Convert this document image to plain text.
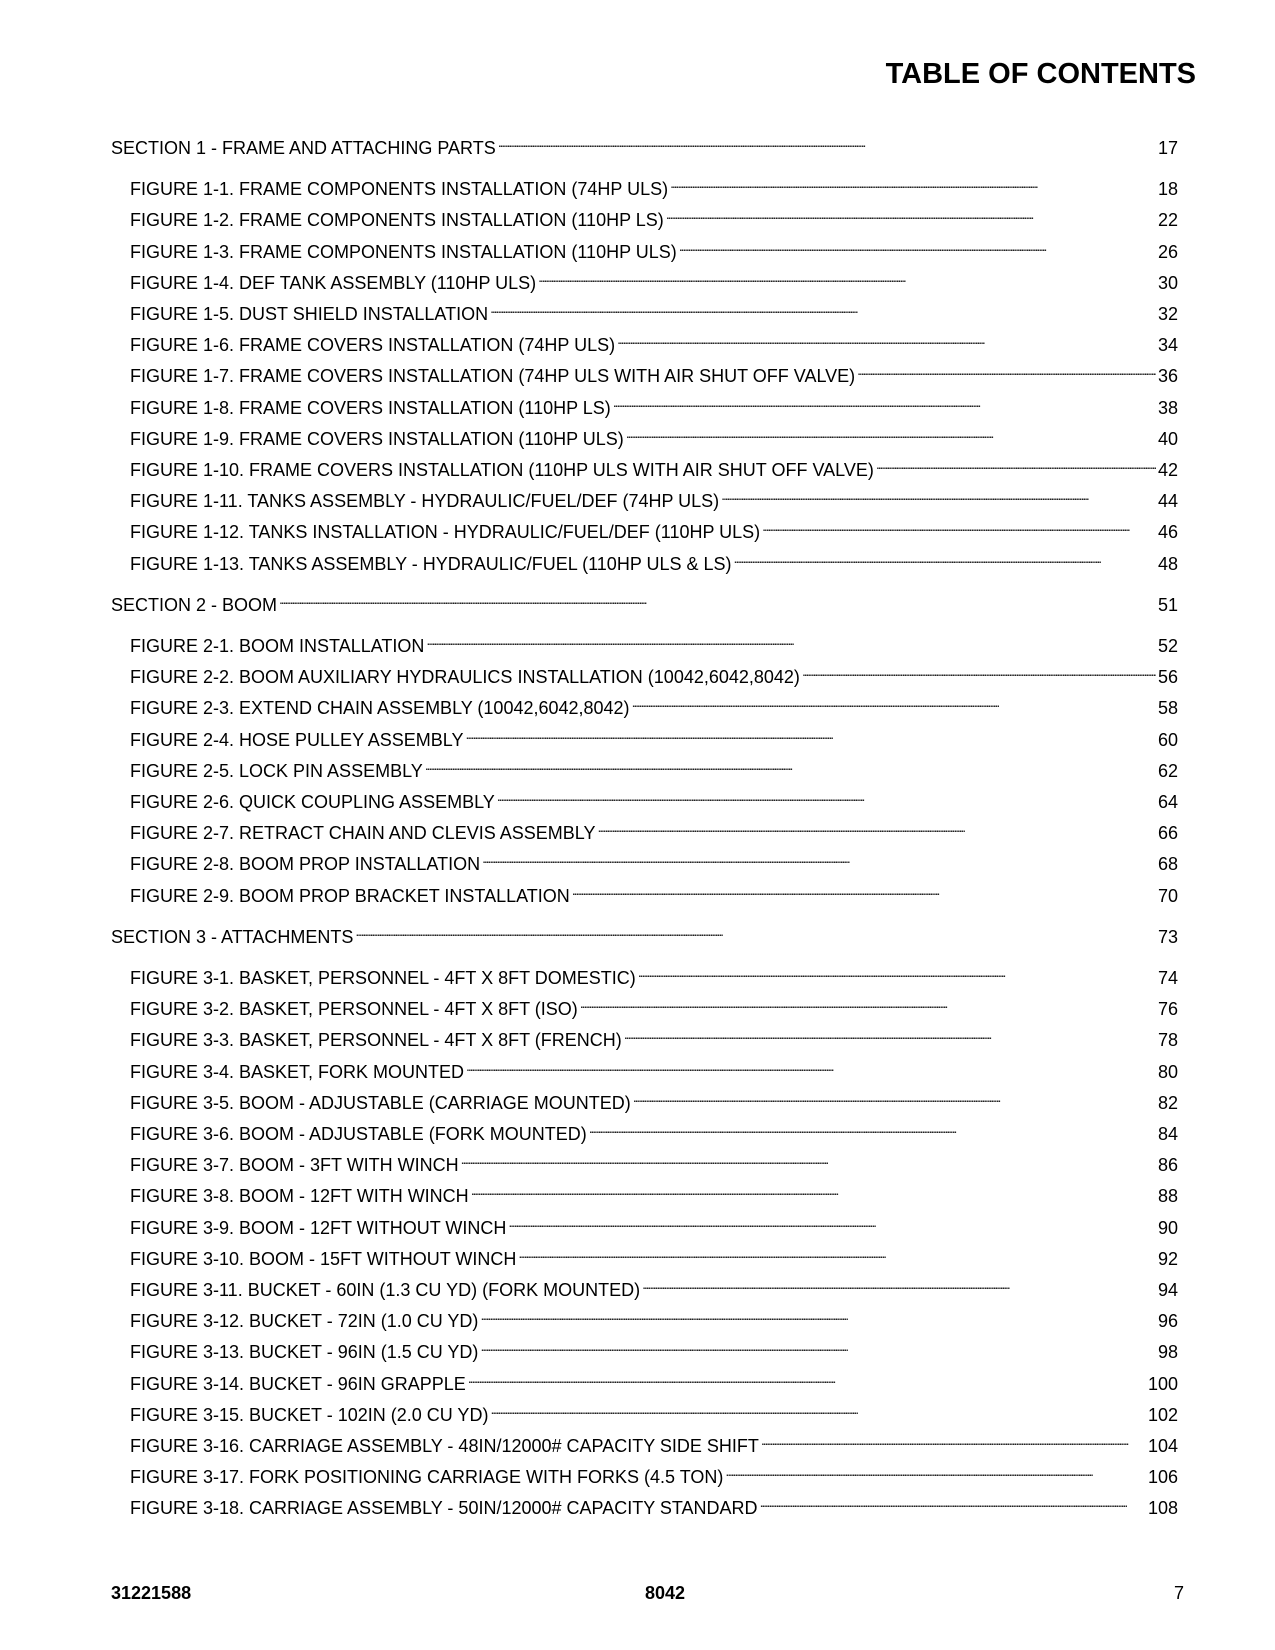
TABLE OF CONTENTS
SECTION 1 - FRAME AND ATTACHING PARTS . . .	17
FIGURE 1-1. FRAME COMPONENTS INSTALLATION (74HP ULS) . . .	18
FIGURE 1-2. FRAME COMPONENTS INSTALLATION (110HP LS) . . .	22
FIGURE 1-3. FRAME COMPONENTS INSTALLATION (110HP ULS) . . .	26
FIGURE 1-4. DEF TANK ASSEMBLY (110HP ULS) . . .	30
FIGURE 1-5. DUST SHIELD INSTALLATION . . .	32
FIGURE 1-6. FRAME COVERS INSTALLATION (74HP ULS) . . .	34
FIGURE 1-7. FRAME COVERS INSTALLATION (74HP ULS WITH AIR SHUT OFF VALVE) . . .	36
FIGURE 1-8. FRAME COVERS INSTALLATION (110HP LS) . . .	38
FIGURE 1-9. FRAME COVERS INSTALLATION (110HP ULS) . . .	40
FIGURE 1-10. FRAME COVERS INSTALLATION (110HP ULS WITH AIR SHUT OFF VALVE) . . .	42
FIGURE 1-11. TANKS ASSEMBLY - HYDRAULIC/FUEL/DEF (74HP ULS) . . .	44
FIGURE 1-12. TANKS INSTALLATION - HYDRAULIC/FUEL/DEF (110HP ULS) . . .	46
FIGURE 1-13. TANKS ASSEMBLY - HYDRAULIC/FUEL (110HP ULS & LS) . . .	48
SECTION 2 - BOOM . . .	51
FIGURE 2-1. BOOM INSTALLATION . . .	52
FIGURE 2-2. BOOM AUXILIARY HYDRAULICS INSTALLATION (10042,6042,8042) . . .	56
FIGURE 2-3. EXTEND CHAIN ASSEMBLY (10042,6042,8042) . . .	58
FIGURE 2-4. HOSE PULLEY ASSEMBLY . . .	60
FIGURE 2-5. LOCK PIN ASSEMBLY . . .	62
FIGURE 2-6. QUICK COUPLING ASSEMBLY . . .	64
FIGURE 2-7. RETRACT CHAIN AND CLEVIS ASSEMBLY . . .	66
FIGURE 2-8. BOOM PROP INSTALLATION . . .	68
FIGURE 2-9. BOOM PROP BRACKET INSTALLATION . . .	70
SECTION 3 - ATTACHMENTS . . .	73
FIGURE 3-1. BASKET, PERSONNEL - 4FT X 8FT DOMESTIC) . . .	74
FIGURE 3-2. BASKET, PERSONNEL - 4FT X 8FT (ISO) . . .	76
FIGURE 3-3. BASKET, PERSONNEL - 4FT X 8FT (FRENCH) . . .	78
FIGURE 3-4. BASKET, FORK MOUNTED . . .	80
FIGURE 3-5. BOOM - ADJUSTABLE (CARRIAGE MOUNTED) . . .	82
FIGURE 3-6. BOOM - ADJUSTABLE (FORK MOUNTED) . . .	84
FIGURE 3-7. BOOM - 3FT WITH WINCH . . .	86
FIGURE 3-8. BOOM - 12FT WITH WINCH . . .	88
FIGURE 3-9. BOOM - 12FT WITHOUT WINCH . . .	90
FIGURE 3-10. BOOM - 15FT WITHOUT WINCH . . .	92
FIGURE 3-11. BUCKET - 60IN (1.3 CU YD) (FORK MOUNTED) . . .	94
FIGURE 3-12. BUCKET - 72IN (1.0 CU YD) . . .	96
FIGURE 3-13. BUCKET - 96IN (1.5 CU YD) . . .	98
FIGURE 3-14. BUCKET - 96IN GRAPPLE . . .	100
FIGURE 3-15. BUCKET - 102IN (2.0 CU YD) . . .	102
FIGURE 3-16. CARRIAGE ASSEMBLY - 48IN/12000# CAPACITY SIDE SHIFT . . .	104
FIGURE 3-17. FORK POSITIONING CARRIAGE WITH FORKS (4.5 TON) . . .	106
FIGURE 3-18. CARRIAGE ASSEMBLY - 50IN/12000# CAPACITY STANDARD . . .	108
31221588	8042	7
